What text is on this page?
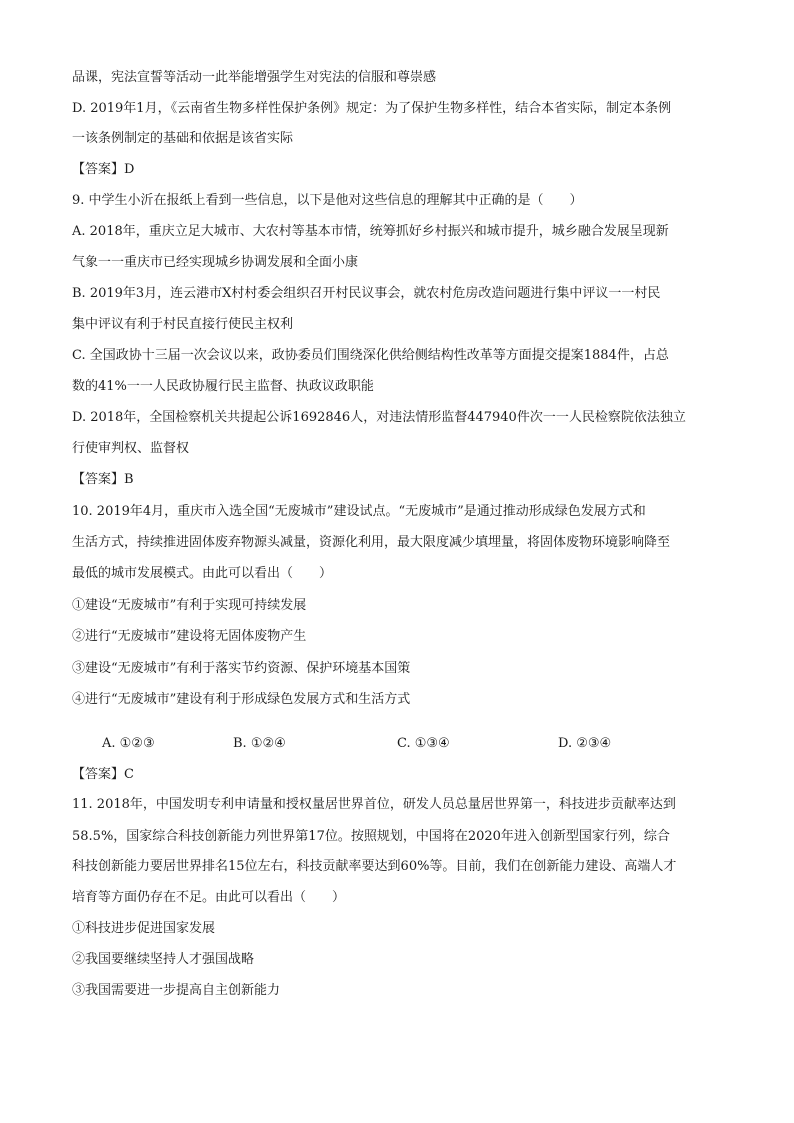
品课，宪法宣誓等活动一此举能增强学生对宪法的信服和尊崇感
D. 2019年1月，《云南省生物多样性保护条例》规定：为了保护生物多样性，结合本省实际，制定本条例
一该条例制定的基础和依据是该省实际
【答案】D
9. 中学生小沂在报纸上看到一些信息，以下是他对这些信息的理解其中正确的是（　　）
A. 2018年，重庆立足大城市、大农村等基本市情，统筹抓好乡村振兴和城市提升，城乡融合发展呈现新
气象一一重庆市已经实现城乡协调发展和全面小康
B. 2019年3月，连云港市X村村委会组织召开村民议事会，就农村危房改造问题进行集中评议一一村民
集中评议有利于村民直接行使民主权利
C. 全国政协十三届一次会议以来，政协委员们围绕深化供给侧结构性改革等方面提交提案1884件，占总
数的41%一一人民政协履行民主监督、执政议政职能
D. 2018年，全国检察机关共提起公诉1692846人，对违法情形监督447940件次一一人民检察院依法独立
行使审判权、监督权
【答案】B
10. 2019年4月，重庆市入选全国“无废城市”建设试点。“无废城市”是通过推动形成绿色发展方式和
生活方式，持续推进固体废弃物源头减量，资源化利用，最大限度减少填埋量，将固体废物环境影响降至
最低的城市发展模式。由此可以看出（　　）
①建设“无废城市”有利于实现可持续发展
②进行“无废城市”建设将无固体废物产生
③建设“无废城市”有利于落实节约资源、保护环境基本国策
④进行“无废城市”建设有利于形成绿色发展方式和生活方式
A. ①②③	B. ①②④	C. ①③④	D. ②③④
【答案】C
11. 2018年，中国发明专利申请量和授权量居世界首位，研发人员总量居世界第一，科技进步贡献率达到
58.5%，国家综合科技创新能力列世界第17位。按照规划，中国将在2020年进入创新型国家行列，综合
科技创新能力要居世界排名15位左右，科技贡献率要达到60%等。目前，我们在创新能力建设、高端人才
培育等方面仍存在不足。由此可以看出（　　）
①科技进步促进国家发展
②我国要继续坚持人才强国战略
③我国需要进一步提高自主创新能力
